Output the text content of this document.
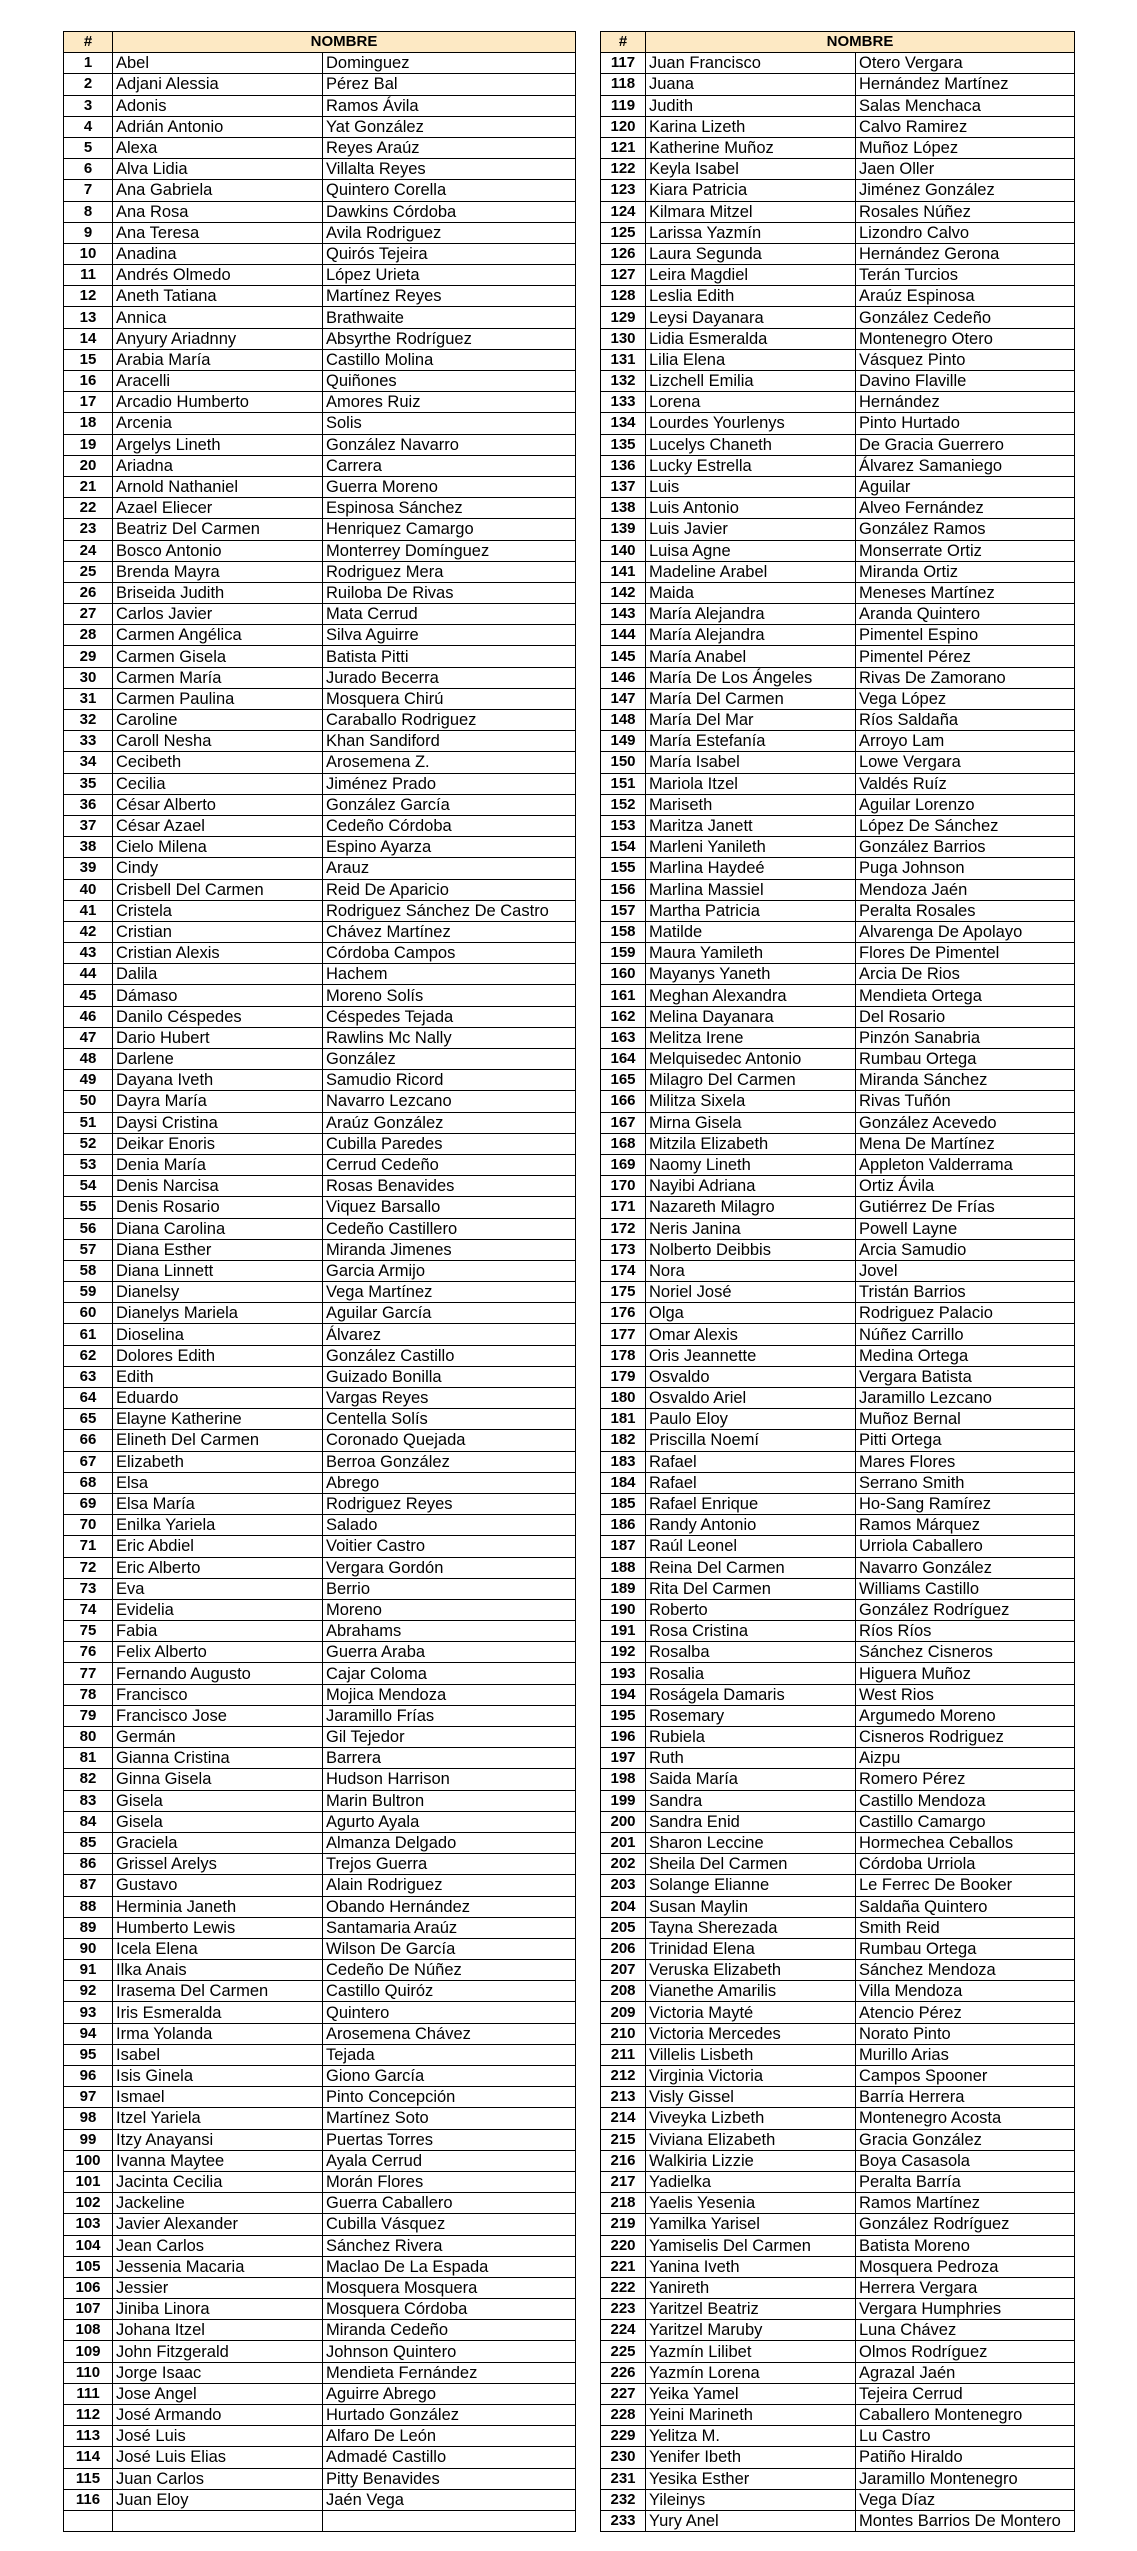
#	NOMBRE	
1	Abel	Dominguez
2	Adjani Alessia	Pérez Bal
3	Adonis	Ramos Ávila
4	Adrián Antonio	Yat González
5	Alexa	Reyes Araúz
6	Alva Lidia	Villalta Reyes
7	Ana Gabriela	Quintero Corella
8	Ana Rosa	Dawkins Córdoba
9	Ana Teresa	Avila Rodriguez
10	Anadina	Quirós Tejeira
11	Andrés Olmedo	López Urieta
12	Aneth Tatiana	Martínez Reyes
13	Annica	Brathwaite
14	Anyury Ariadnny	Absyrthe Rodríguez
15	Arabia María	Castillo Molina
16	Aracelli	Quiñones
17	Arcadio Humberto	Amores Ruiz
18	Arcenia	Solis
19	Argelys Lineth	González Navarro
20	Ariadna	Carrera
21	Arnold Nathaniel	Guerra Moreno
22	Azael Eliecer	Espinosa Sánchez
23	Beatriz Del Carmen	Henriquez Camargo
24	Bosco Antonio	Monterrey Domínguez
25	Brenda Mayra	Rodriguez Mera
26	Briseida Judith	Ruiloba De Rivas
27	Carlos Javier	Mata Cerrud
28	Carmen Angélica	Silva Aguirre
29	Carmen Gisela	Batista Pitti
30	Carmen María	Jurado Becerra
31	Carmen Paulina	Mosquera Chirú
32	Caroline	Caraballo Rodriguez
33	Caroll Nesha	Khan Sandiford
34	Cecibeth	Arosemena Z.
35	Cecilia	Jiménez Prado
36	César Alberto	González García
37	César Azael	Cedeño Córdoba
38	Cielo Milena	Espino Ayarza
39	Cindy	Arauz
40	Crisbell Del Carmen	Reid De Aparicio
41	Cristela	Rodriguez Sánchez De Castro
42	Cristian	Chávez Martínez
43	Cristian Alexis	Córdoba Campos
44	Dalila	Hachem
45	Dámaso	Moreno Solís
46	Danilo Céspedes	Céspedes Tejada
47	Dario Hubert	Rawlins Mc Nally
48	Darlene	González
49	Dayana Iveth	Samudio Ricord
50	Dayra María	Navarro Lezcano
51	Daysi Cristina	Araúz González
52	Deikar Enoris	Cubilla Paredes
53	Denia María	Cerrud Cedeño
54	Denis Narcisa	Rosas Benavides
55	Denis Rosario	Viquez Barsallo
56	Diana Carolina	Cedeño Castillero
57	Diana Esther	Miranda Jimenes
58	Diana Linnett	Garcia Armijo
59	Dianelsy	Vega Martínez
60	Dianelys Mariela	Aguilar García
61	Dioselina	Álvarez
62	Dolores Edith	González Castillo
63	Edith	Guizado Bonilla
64	Eduardo	Vargas Reyes
65	Elayne Katherine	Centella Solís
66	Elineth Del Carmen	Coronado Quejada
67	Elizabeth	Berroa González
68	Elsa	Abrego
69	Elsa María	Rodriguez Reyes
70	Enilka Yariela	Salado
71	Eric Abdiel	Voitier Castro
72	Eric Alberto	Vergara Gordón
73	Eva	Berrio
74	Evidelia	Moreno
75	Fabia	Abrahams
76	Felix Alberto	Guerra Araba
77	Fernando Augusto	Cajar Coloma
78	Francisco	Mojica Mendoza
79	Francisco Jose	Jaramillo Frías
80	Germán	Gil Tejedor
81	Gianna Cristina	Barrera
82	Ginna Gisela	Hudson Harrison
83	Gisela	Marin Bultron
84	Gisela	Agurto Ayala
85	Graciela	Almanza Delgado
86	Grissel Arelys	Trejos Guerra
87	Gustavo	Alain Rodriguez
88	Herminia Janeth	Obando Hernández
89	Humberto Lewis	Santamaria Araúz
90	Icela Elena	Wilson De García
91	Ilka Anais	Cedeño De Núñez
92	Irasema Del Carmen	Castillo Quiróz
93	Iris Esmeralda	Quintero
94	Irma Yolanda	Arosemena Chávez
95	Isabel	Tejada
96	Isis Ginela	Giono García
97	Ismael	Pinto Concepción
98	Itzel Yariela	Martínez Soto
99	Itzy Anayansi	Puertas Torres
100	Ivanna Maytee	Ayala Cerrud
101	Jacinta Cecilia	Morán Flores
102	Jackeline	Guerra Caballero
103	Javier Alexander	Cubilla Vásquez
104	Jean Carlos	Sánchez Rivera
105	Jessenia Macaria	Maclao De La Espada
106	Jessier	Mosquera Mosquera
107	Jiniba Linora	Mosquera Córdoba
108	Johana Itzel	Miranda Cedeño
109	John Fitzgerald	Johnson Quintero
110	Jorge Isaac	Mendieta Fernández
111	Jose Angel	Aguirre Abrego
112	José Armando	Hurtado González
113	José Luis	Alfaro De León
114	José Luis Elias	Admadé Castillo
115	Juan Carlos	Pitty Benavides
116	Juan Eloy	Jaén Vega

#	NOMBRE	
117	Juan Francisco	Otero Vergara
118	Juana	Hernández Martínez
119	Judith	Salas Menchaca
120	Karina Lizeth	Calvo Ramirez
121	Katherine Muñoz	Muñoz López
122	Keyla Isabel	Jaen Oller
123	Kiara Patricia	Jiménez González
124	Kilmara Mitzel	Rosales Núñez
125	Larissa Yazmín	Lizondro Calvo
126	Laura Segunda	Hernández Gerona
127	Leira Magdiel	Terán Turcios
128	Leslia Edith	Araúz Espinosa
129	Leysi Dayanara	González Cedeño
130	Lidia Esmeralda	Montenegro Otero
131	Lilia Elena	Vásquez Pinto
132	Lizchell Emilia	Davino Flaville
133	Lorena	Hernández
134	Lourdes Yourlenys	Pinto Hurtado
135	Lucelys Chaneth	De Gracia Guerrero
136	Lucky Estrella	Álvarez Samaniego
137	Luis	Aguilar
138	Luis Antonio	Alveo Fernández
139	Luis Javier	González Ramos
140	Luisa Agne	Monserrate Ortiz
141	Madeline Arabel	Miranda Ortiz
142	Maida	Meneses Martínez
143	María Alejandra	Aranda Quintero
144	María Alejandra	Pimentel Espino
145	María Anabel	Pimentel Pérez
146	María De Los Ángeles	Rivas De Zamorano
147	María Del Carmen	Vega López
148	María Del Mar	Ríos Saldaña
149	María Estefanía	Arroyo Lam
150	María Isabel	Lowe Vergara
151	Mariola Itzel	Valdés Ruíz
152	Mariseth	Aguilar Lorenzo
153	Maritza Janett	López De Sánchez
154	Marleni Yanileth	González Barrios
155	Marlina Haydeé	Puga Johnson
156	Marlina Massiel	Mendoza Jaén
157	Martha Patricia	Peralta Rosales
158	Matilde	Alvarenga De Apolayo
159	Maura Yamileth	Flores De Pimentel
160	Mayanys Yaneth	Arcia De Rios
161	Meghan Alexandra	Mendieta Ortega
162	Melina Dayanara	Del Rosario
163	Melitza Irene	Pinzón Sanabria
164	Melquisedec Antonio	Rumbau Ortega
165	Milagro Del Carmen	Miranda Sánchez
166	Militza Sixela	Rivas Tuñón
167	Mirna Gisela	González Acevedo
168	Mitzila Elizabeth	Mena De Martínez
169	Naomy Lineth	Appleton Valderrama
170	Nayibi Adriana	Ortiz Ávila
171	Nazareth Milagro	Gutiérrez De Frías
172	Neris Janina	Powell Layne
173	Nolberto Deibbis	Arcia Samudio
174	Nora	Jovel
175	Noriel José	Tristán Barrios
176	Olga	Rodriguez Palacio
177	Omar Alexis	Núñez Carrillo
178	Oris Jeannette	Medina Ortega
179	Osvaldo	Vergara Batista
180	Osvaldo Ariel	Jaramillo Lezcano
181	Paulo Eloy	Muñoz Bernal
182	Priscilla Noemí	Pitti Ortega
183	Rafael	Mares Flores
184	Rafael	Serrano Smith
185	Rafael Enrique	Ho-Sang Ramírez
186	Randy Antonio	Ramos Márquez
187	Raúl Leonel	Urriola Caballero
188	Reina Del Carmen	Navarro González
189	Rita Del Carmen	Williams Castillo
190	Roberto	González Rodríguez
191	Rosa Cristina	Ríos Ríos
192	Rosalba	Sánchez Cisneros
193	Rosalia	Higuera Muñoz
194	Roságela Damaris	West Rios
195	Rosemary	Argumedo Moreno
196	Rubiela	Cisneros Rodriguez
197	Ruth	Aizpu
198	Saida María	Romero Pérez
199	Sandra	Castillo Mendoza
200	Sandra Enid	Castillo Camargo
201	Sharon Leccine	Hormechea Ceballos
202	Sheila Del Carmen	Córdoba Urriola
203	Solange Elianne	Le Ferrec De Booker
204	Susan Maylin	Saldaña Quintero
205	Tayna Sherezada	Smith Reid
206	Trinidad Elena	Rumbau Ortega
207	Veruska Elizabeth	Sánchez Mendoza
208	Vianethe Amarilis	Villa Mendoza
209	Victoria Mayté	Atencio Pérez
210	Victoria Mercedes	Norato Pinto
211	Villelis Lisbeth	Murillo Arias
212	Virginia Victoria	Campos Spooner
213	Visly Gissel	Barría Herrera
214	Viveyka Lizbeth	Montenegro Acosta
215	Viviana Elizabeth	Gracia González
216	Walkiria Lizzie	Boya Casasola
217	Yadielka	Peralta Barría
218	Yaelis Yesenia	Ramos Martínez
219	Yamilka Yarisel	González Rodríguez
220	Yamiselis Del Carmen	Batista Moreno
221	Yanina Iveth	Mosquera Pedroza
222	Yanireth	Herrera Vergara
223	Yaritzel Beatriz	Vergara Humphries
224	Yaritzel Maruby	Luna Chávez
225	Yazmín Lilibet	Olmos Rodríguez
226	Yazmín Lorena	Agrazal Jaén
227	Yeika Yamel	Tejeira Cerrud
228	Yeini Marineth	Caballero Montenegro
229	Yelitza M.	Lu Castro
230	Yenifer Ibeth	Patiño Hiraldo
231	Yesika Esther	Jaramillo Montenegro
232	Yileinys	Vega Díaz
233	Yury Anel	Montes Barrios De Montero
